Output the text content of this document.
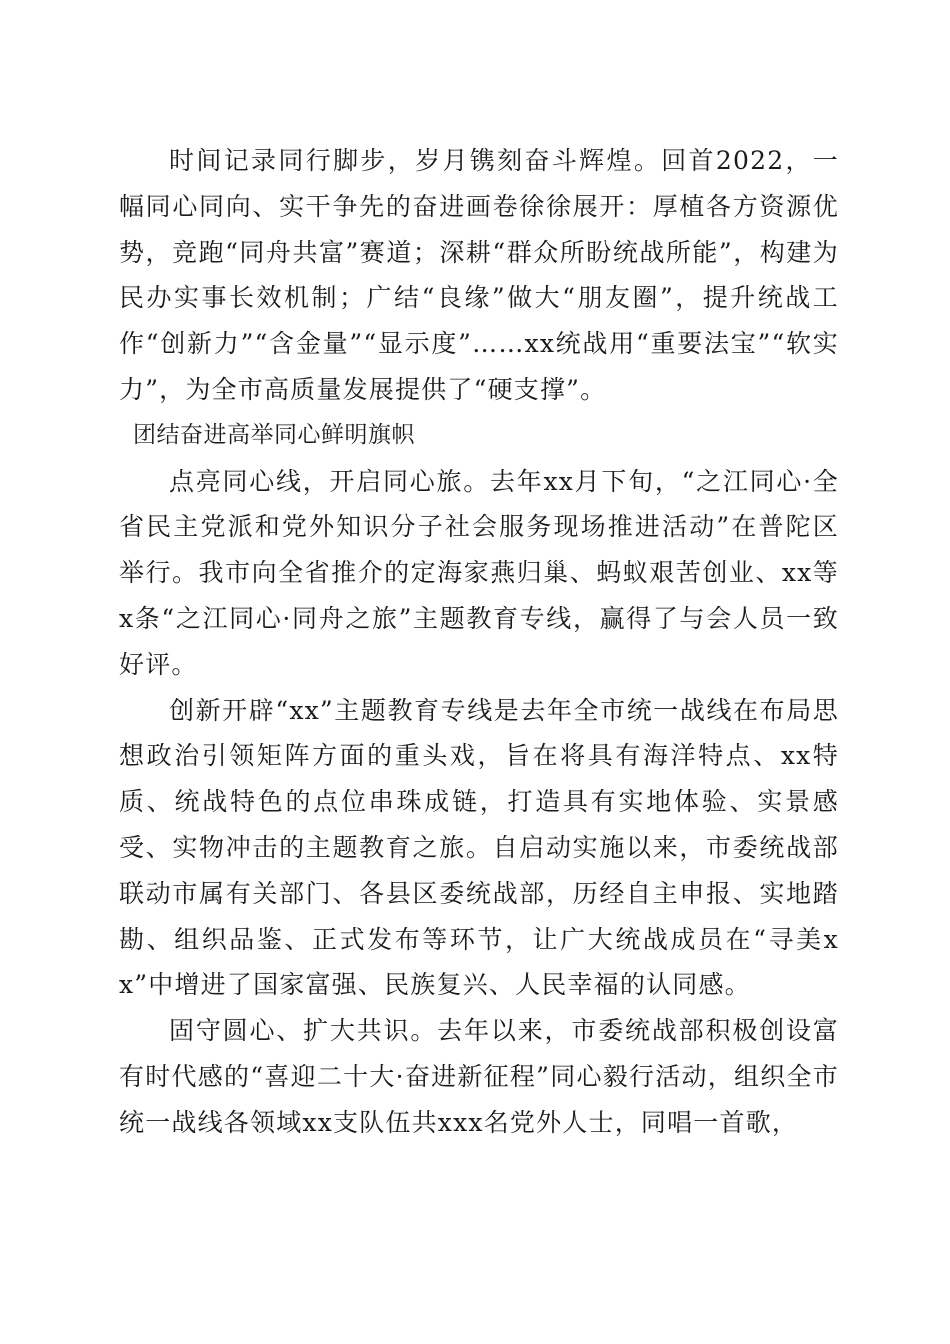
时间记录同行脚步，岁月镌刻奋斗辉煌。回首2022，一幅同心同向、实干争先的奋进画卷徐徐展开：厚植各方资源优势，竞跑“同舟共富”赛道；深耕“群众所盼统战所能”，构建为民办实事长效机制；广结“良缘”做大“朋友圈”，提升统战工作“创新力”“含金量”“显示度”……xx统战用“重要法宝”“软实力”，为全市高质量发展提供了“硬支撑”。

团结奋进高举同心鲜明旗帜

点亮同心线，开启同心旅。去年xx月下旬，“之江同心·全省民主党派和党外知识分子社会服务现场推进活动”在普陀区举行。我市向全省推介的定海家燕归巢、蚂蚁艰苦创业、xx等x条“之江同心·同舟之旅”主题教育专线，赢得了与会人员一致好评。

创新开辟“xx”主题教育专线是去年全市统一战线在布局思想政治引领矩阵方面的重头戏，旨在将具有海洋特点、xx特质、统战特色的点位串珠成链，打造具有实地体验、实景感受、实物冲击的主题教育之旅。自启动实施以来，市委统战部联动市属有关部门、各县区委统战部，历经自主申报、实地踏勘、组织品鉴、正式发布等环节，让广大统战成员在“寻美xx”中增进了国家富强、民族复兴、人民幸福的认同感。

固守圆心、扩大共识。去年以来，市委统战部积极创设富有时代感的“喜迎二十大·奋进新征程”同心毅行活动，组织全市统一战线各领域xx支队伍共xxx名党外人士，同唱一首歌，
